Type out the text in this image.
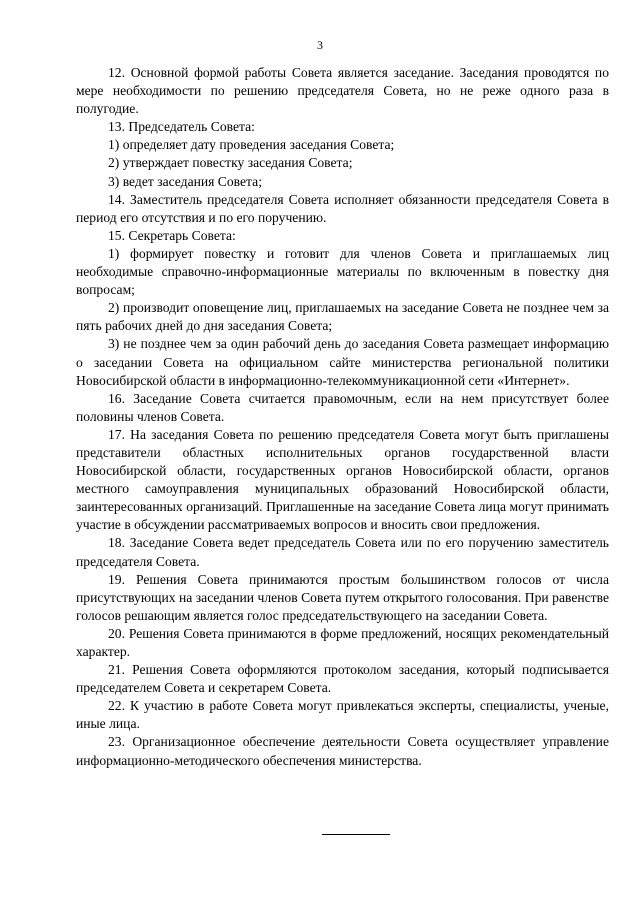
3

12. Основной формой работы Совета является заседание. Заседания проводятся по мере необходимости по решению председателя Совета, но не реже одного раза в полугодие.

13. Председатель Совета:

1) определяет дату проведения заседания Совета;

2) утверждает повестку заседания Совета;

3) ведет заседания Совета;

14. Заместитель председателя Совета исполняет обязанности председателя Совета в период его отсутствия и по его поручению.

15. Секретарь Совета:

1) формирует повестку и готовит для членов Совета и приглашаемых лиц необходимые справочно-информационные материалы по включенным в повестку дня вопросам;

2) производит оповещение лиц, приглашаемых на заседание Совета не позднее чем за пять рабочих дней до дня заседания Совета;

3) не позднее чем за один рабочий день до заседания Совета размещает информацию о заседании Совета на официальном сайте министерства региональной политики Новосибирской области в информационно-телекоммуникационной сети «Интернет».

16. Заседание Совета считается правомочным, если на нем присутствует более половины членов Совета.

17. На заседания Совета по решению председателя Совета могут быть приглашены представители областных исполнительных органов государственной власти Новосибирской области, государственных органов Новосибирской области, органов местного самоуправления муниципальных образований Новосибирской области, заинтересованных организаций. Приглашенные на заседание Совета лица могут принимать участие в обсуждении рассматриваемых вопросов и вносить свои предложения.

18. Заседание Совета ведет председатель Совета или по его поручению заместитель председателя Совета.

19. Решения Совета принимаются простым большинством голосов от числа присутствующих на заседании членов Совета путем открытого голосования. При равенстве голосов решающим является голос председательствующего на заседании Совета.

20. Решения Совета принимаются в форме предложений, носящих рекомендательный характер.

21. Решения Совета оформляются протоколом заседания, который подписывается председателем Совета и секретарем Совета.

22. К участию в работе Совета могут привлекаться эксперты, специалисты, ученые, иные лица.

23. Организационное обеспечение деятельности Совета осуществляет управление информационно-методического обеспечения министерства.
